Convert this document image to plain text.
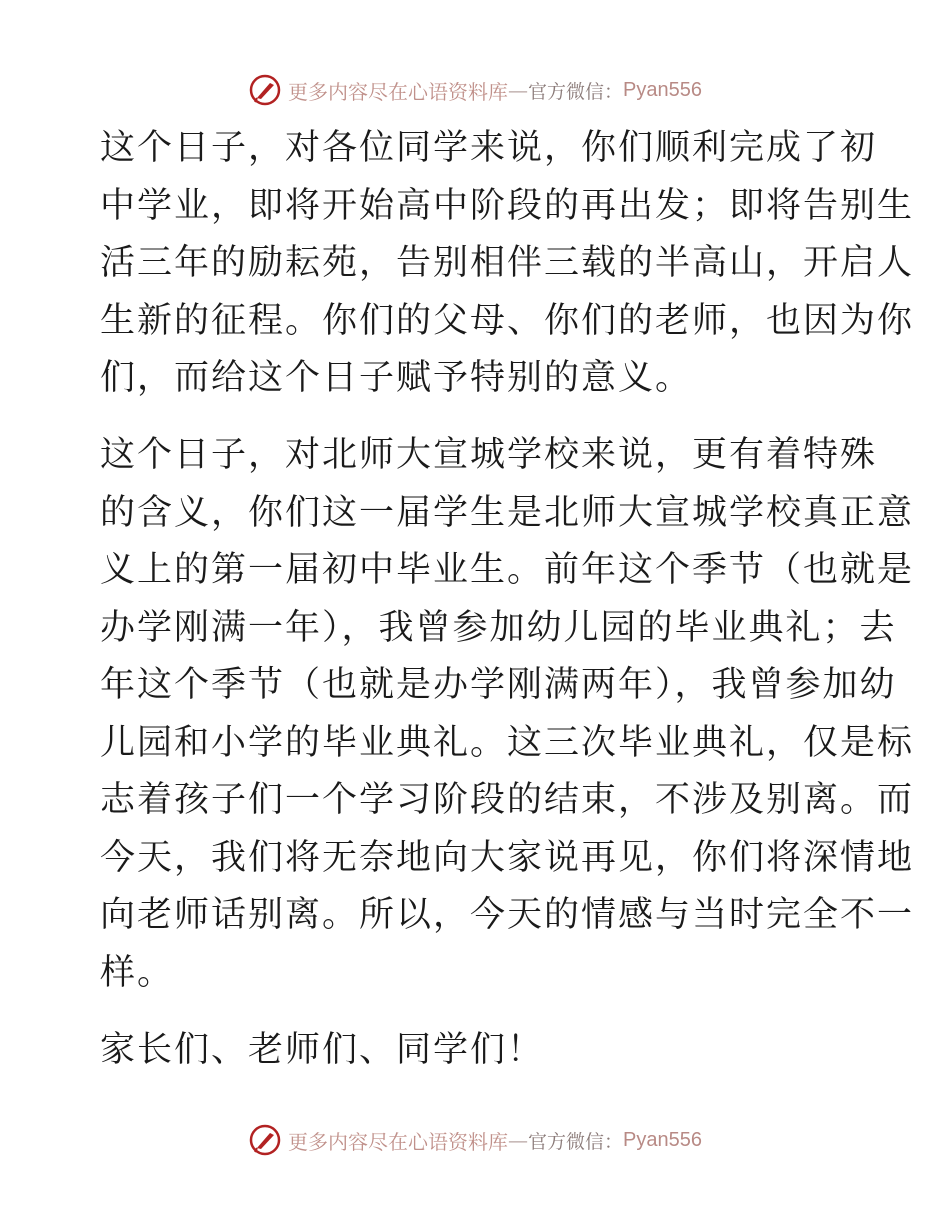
更多内容尽在心语资料库 — 官方微信： Pyan556
这个日子，对各位同学来说，你们顺利完成了初
中学业，即将开始高中阶段的再出发；即将告别生
活三年的励耘苑，告别相伴三载的半高山，开启人
生新的征程。你们的父母、你们的老师，也因为你
们，而给这个日子赋予特别的意义。
这个日子，对北师大宣城学校来说，更有着特殊
的含义，你们这一届学生是北师大宣城学校真正意
义上的第一届初中毕业生。前年这个季节（也就是
办学刚满一年），我曾参加幼儿园的毕业典礼；去
年这个季节（也就是办学刚满两年），我曾参加幼
儿园和小学的毕业典礼。这三次毕业典礼，仅是标
志着孩子们一个学习阶段的结束，不涉及别离。而
今天，我们将无奈地向大家说再见，你们将深情地
向老师话别离。所以，今天的情感与当时完全不一
样。
家长们、老师们、同学们！
更多内容尽在心语资料库 — 官方微信： Pyan556
